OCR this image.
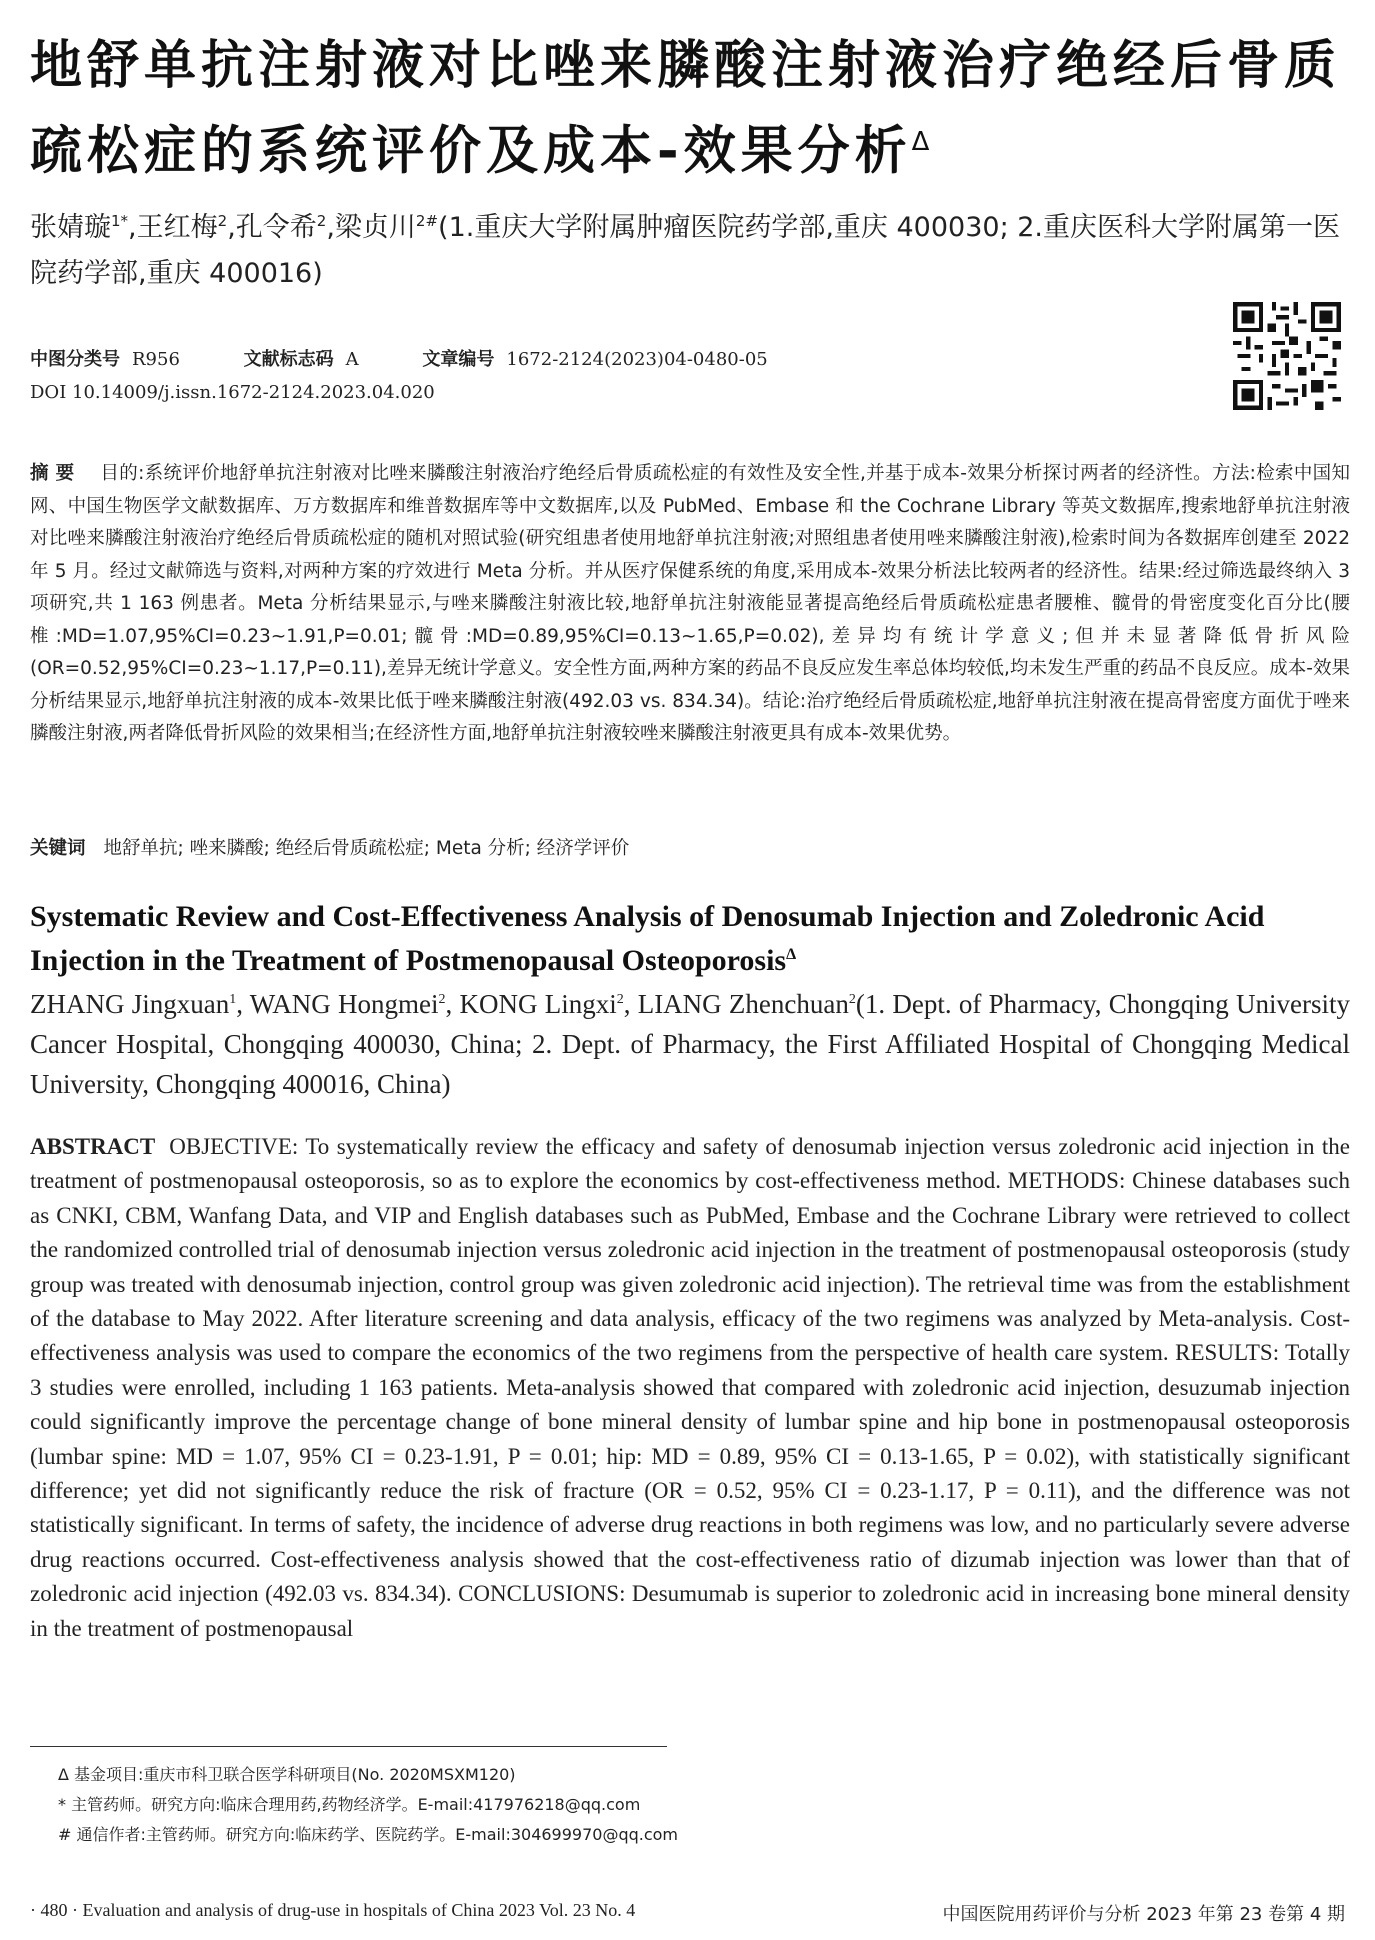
地舒单抗注射液对比唑来膦酸注射液治疗绝经后骨质疏松症的系统评价及成本-效果分析$^\Delta$
张婧璇$^{1*}$,王红梅$^2$,孔令希$^2$,梁贞川$^{2\#}$(1.重庆大学附属肿瘤医院药学部,重庆 400030; 2.重庆医科大学附属第一医院药学部,重庆 400016)
中图分类号 R956	文献标志码 A	文章编号 1672-2124(2023)04-0480-05
DOI 10.14009/j.issn.1672-2124.2023.04.020
摘 要 目的:系统评价地舒单抗注射液对比唑来膦酸注射液治疗绝经后骨质疏松症的有效性及安全性,并基于成本-效果分析探讨两者的经济性。方法:检索中国知网、中国生物医学文献数据库、万方数据库和维普数据库等中文数据库,以及 PubMed、Embase 和 the Cochrane Library 等英文数据库,搜索地舒单抗注射液对比唑来膦酸注射液治疗绝经后骨质疏松症的随机对照试验(研究组患者使用地舒单抗注射液;对照组患者使用唑来膦酸注射液),检索时间为各数据库创建至 2022 年 5 月。经过文献筛选与资料,对两种方案的疗效进行 Meta 分析。并从医疗保健系统的角度,采用成本-效果分析法比较两者的经济性。结果:经过筛选最终纳入 3 项研究,共 1 163 例患者。Meta 分析结果显示,与唑来膦酸注射液比较,地舒单抗注射液能显著提高绝经后骨质疏松症患者腰椎、髋骨的骨密度变化百分比(腰椎:MD=1.07,95%CI=0.23~1.91,P=0.01;髋骨:MD=0.89,95%CI=0.13~1.65,P=0.02),差异均有统计学意义;但并未显著降低骨折风险(OR=0.52,95%CI=0.23~1.17,P=0.11),差异无统计学意义。安全性方面,两种方案的药品不良反应发生率总体均较低,均未发生严重的药品不良反应。成本-效果分析结果显示,地舒单抗注射液的成本-效果比低于唑来膦酸注射液(492.03 vs. 834.34)。结论:治疗绝经后骨质疏松症,地舒单抗注射液在提高骨密度方面优于唑来膦酸注射液,两者降低骨折风险的效果相当;在经济性方面,地舒单抗注射液较唑来膦酸注射液更具有成本-效果优势。
关键词 地舒单抗; 唑来膦酸; 绝经后骨质疏松症; Meta 分析; 经济学评价
Systematic Review and Cost-Effectiveness Analysis of Denosumab Injection and Zoledronic Acid Injection in the Treatment of Postmenopausal Osteoporosis$^\Delta$
ZHANG Jingxuan$^1$, WANG Hongmei$^2$, KONG Lingxi$^2$, LIANG Zhenchuan$^2$(1. Dept. of Pharmacy, Chongqing University Cancer Hospital, Chongqing 400030, China; 2. Dept. of Pharmacy, the First Affiliated Hospital of Chongqing Medical University, Chongqing 400016, China)
ABSTRACT OBJECTIVE: To systematically review the efficacy and safety of denosumab injection versus zoledronic acid injection in the treatment of postmenopausal osteoporosis, so as to explore the economics by cost-effectiveness method. METHODS: Chinese databases such as CNKI, CBM, Wanfang Data, and VIP and English databases such as PubMed, Embase and the Cochrane Library were retrieved to collect the randomized controlled trial of denosumab injection versus zoledronic acid injection in the treatment of postmenopausal osteoporosis (study group was treated with denosumab injection, control group was given zoledronic acid injection). The retrieval time was from the establishment of the database to May 2022. After literature screening and data analysis, efficacy of the two regimens was analyzed by Meta-analysis. Cost-effectiveness analysis was used to compare the economics of the two regimens from the perspective of health care system. RESULTS: Totally 3 studies were enrolled, including 1 163 patients. Meta-analysis showed that compared with zoledronic acid injection, desuzumab injection could significantly improve the percentage change of bone mineral density of lumbar spine and hip bone in postmenopausal osteoporosis (lumbar spine: MD = 1.07, 95% CI = 0.23-1.91, P = 0.01; hip: MD = 0.89, 95% CI = 0.13-1.65, P = 0.02), with statistically significant difference; yet did not significantly reduce the risk of fracture (OR = 0.52, 95% CI = 0.23-1.17, P = 0.11), and the difference was not statistically significant. In terms of safety, the incidence of adverse drug reactions in both regimens was low, and no particularly severe adverse drug reactions occurred. Cost-effectiveness analysis showed that the cost-effectiveness ratio of dizumab injection was lower than that of zoledronic acid injection (492.03 vs. 834.34). CONCLUSIONS: Desumumab is superior to zoledronic acid in increasing bone mineral density in the treatment of postmenopausal
Δ 基金项目:重庆市科卫联合医学科研项目(No. 2020MSXM120)
* 主管药师。研究方向:临床合理用药,药物经济学。E-mail:417976218@qq.com
# 通信作者:主管药师。研究方向:临床药学、医院药学。E-mail:304699970@qq.com
· 480 · Evaluation and analysis of drug-use in hospitals of China 2023 Vol. 23 No. 4	中国医院用药评价与分析 2023 年第 23 卷第 4 期
